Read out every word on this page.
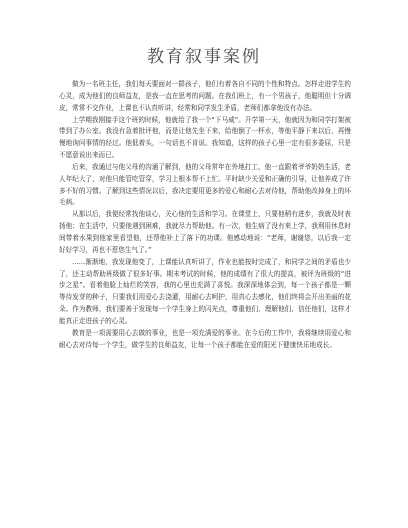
教育叙事案例

做为一名班主任，我们每天要面对一群孩子，他们有着各自不同的个性和特点。怎样走进学生的心灵，成为他们的良师益友，是我一直在思考的问题。在我们班上，有一个男孩子，他聪明但十分调皮，常常不交作业，上课也不认真听讲，经常和同学发生矛盾，老师们都拿他没有办法。

上学期我刚接手这个班的时候，他就给了我一个“下马威”。开学第一天，他就因为和同学打架被带到了办公室。我没有急着批评他，而是让他先坐下来，给他倒了一杯水，等他平静下来以后，再慢慢地询问事情的经过。他低着头，一句话也不肯说。我知道，这样的孩子心里一定有很多委屈，只是不愿意说出来而已。

后来，我通过与他父母的沟通了解到，他的父母常年在外地打工，他一直跟着爷爷奶奶生活，老人年纪大了，对他只能管吃管穿，学习上根本帮不上忙。平时缺少关爱和正确的引导，让他养成了许多不好的习惯。了解到这些情况以后，我决定要用更多的爱心和耐心去对待他，帮助他改掉身上的坏毛病。

从那以后，我便经常找他谈心，关心他的生活和学习。在课堂上，只要他稍有进步，我就及时表扬他；在生活中，只要他遇到困难，我就尽力帮助他。有一次，他生病了没有来上学，我利用休息时间带着水果到他家里看望他，还帮他补上了落下的功课。他感动地说：“老师，谢谢您，以后我一定好好学习，再也不惹您生气了。”

……渐渐地，我发现他变了，上课能认真听讲了，作业也能按时完成了，和同学之间的矛盾也少了，还主动帮助班级做了很多好事。期末考试的时候，他的成绩有了很大的提高，被评为班级的“进步之星”。看着他脸上灿烂的笑容，我的心里也充满了喜悦。我深深地体会到，每一个孩子都是一颗等待发芽的种子，只要我们用爱心去浇灌，用耐心去呵护，用真心去感化，他们终将会开出美丽的花朵。作为教师，我们要善于发现每一个学生身上的闪光点，尊重他们、理解他们、信任他们，这样才能真正走进孩子的心灵。

教育是一项需要用心去做的事业，也是一项充满爱的事业。在今后的工作中，我将继续用爱心和耐心去对待每一个学生，做学生的良师益友，让每一个孩子都能在爱的阳光下健康快乐地成长。
